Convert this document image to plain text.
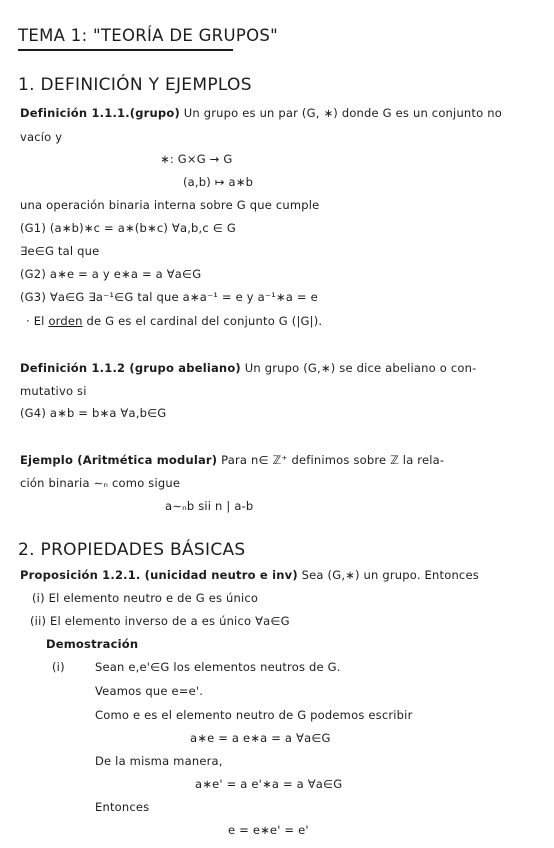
TEMA 1: "TEORÍA DE GRUPOS"
1. DEFINICIÓN Y EJEMPLOS
Definición 1.1.1.(grupo) Un grupo es un par (G, ∗) donde G es un conjunto no
vacío y
∗: G×G → G
(a,b) ↦ a∗b
una operación binaria interna sobre G que cumple
(G1) (a∗b)∗c = a∗(b∗c) ∀a,b,c ∈ G
∃e∈G tal que
(G2) a∗e = a y e∗a = a ∀a∈G
(G3) ∀a∈G ∃a⁻¹∈G tal que a∗a⁻¹ = e y a⁻¹∗a = e
· El orden de G es el cardinal del conjunto G (|G|).
Definición 1.1.2 (grupo abeliano) Un grupo (G,∗) se dice abeliano o con-
mutativo si
(G4) a∗b = b∗a ∀a,b∈G
Ejemplo (Aritmética modular) Para n∈ ℤ⁺ definimos sobre ℤ la rela-
ción binaria ∼ₙ como sigue
a∼ₙb sii n | a-b
2. PROPIEDADES BÁSICAS
Proposición 1.2.1. (unicidad neutro e inv) Sea (G,∗) un grupo. Entonces
(i) El elemento neutro e de G es único
(ii) El elemento inverso de a es único ∀a∈G
Demostración
(i)	Sean e,e'∈G los elementos neutros de G.
Veamos que e=e'.
Como e es el elemento neutro de G podemos escribir
a∗e = a e∗a = a ∀a∈G
De la misma manera,
a∗e' = a e'∗a = a ∀a∈G
Entonces
e = e∗e' = e'
